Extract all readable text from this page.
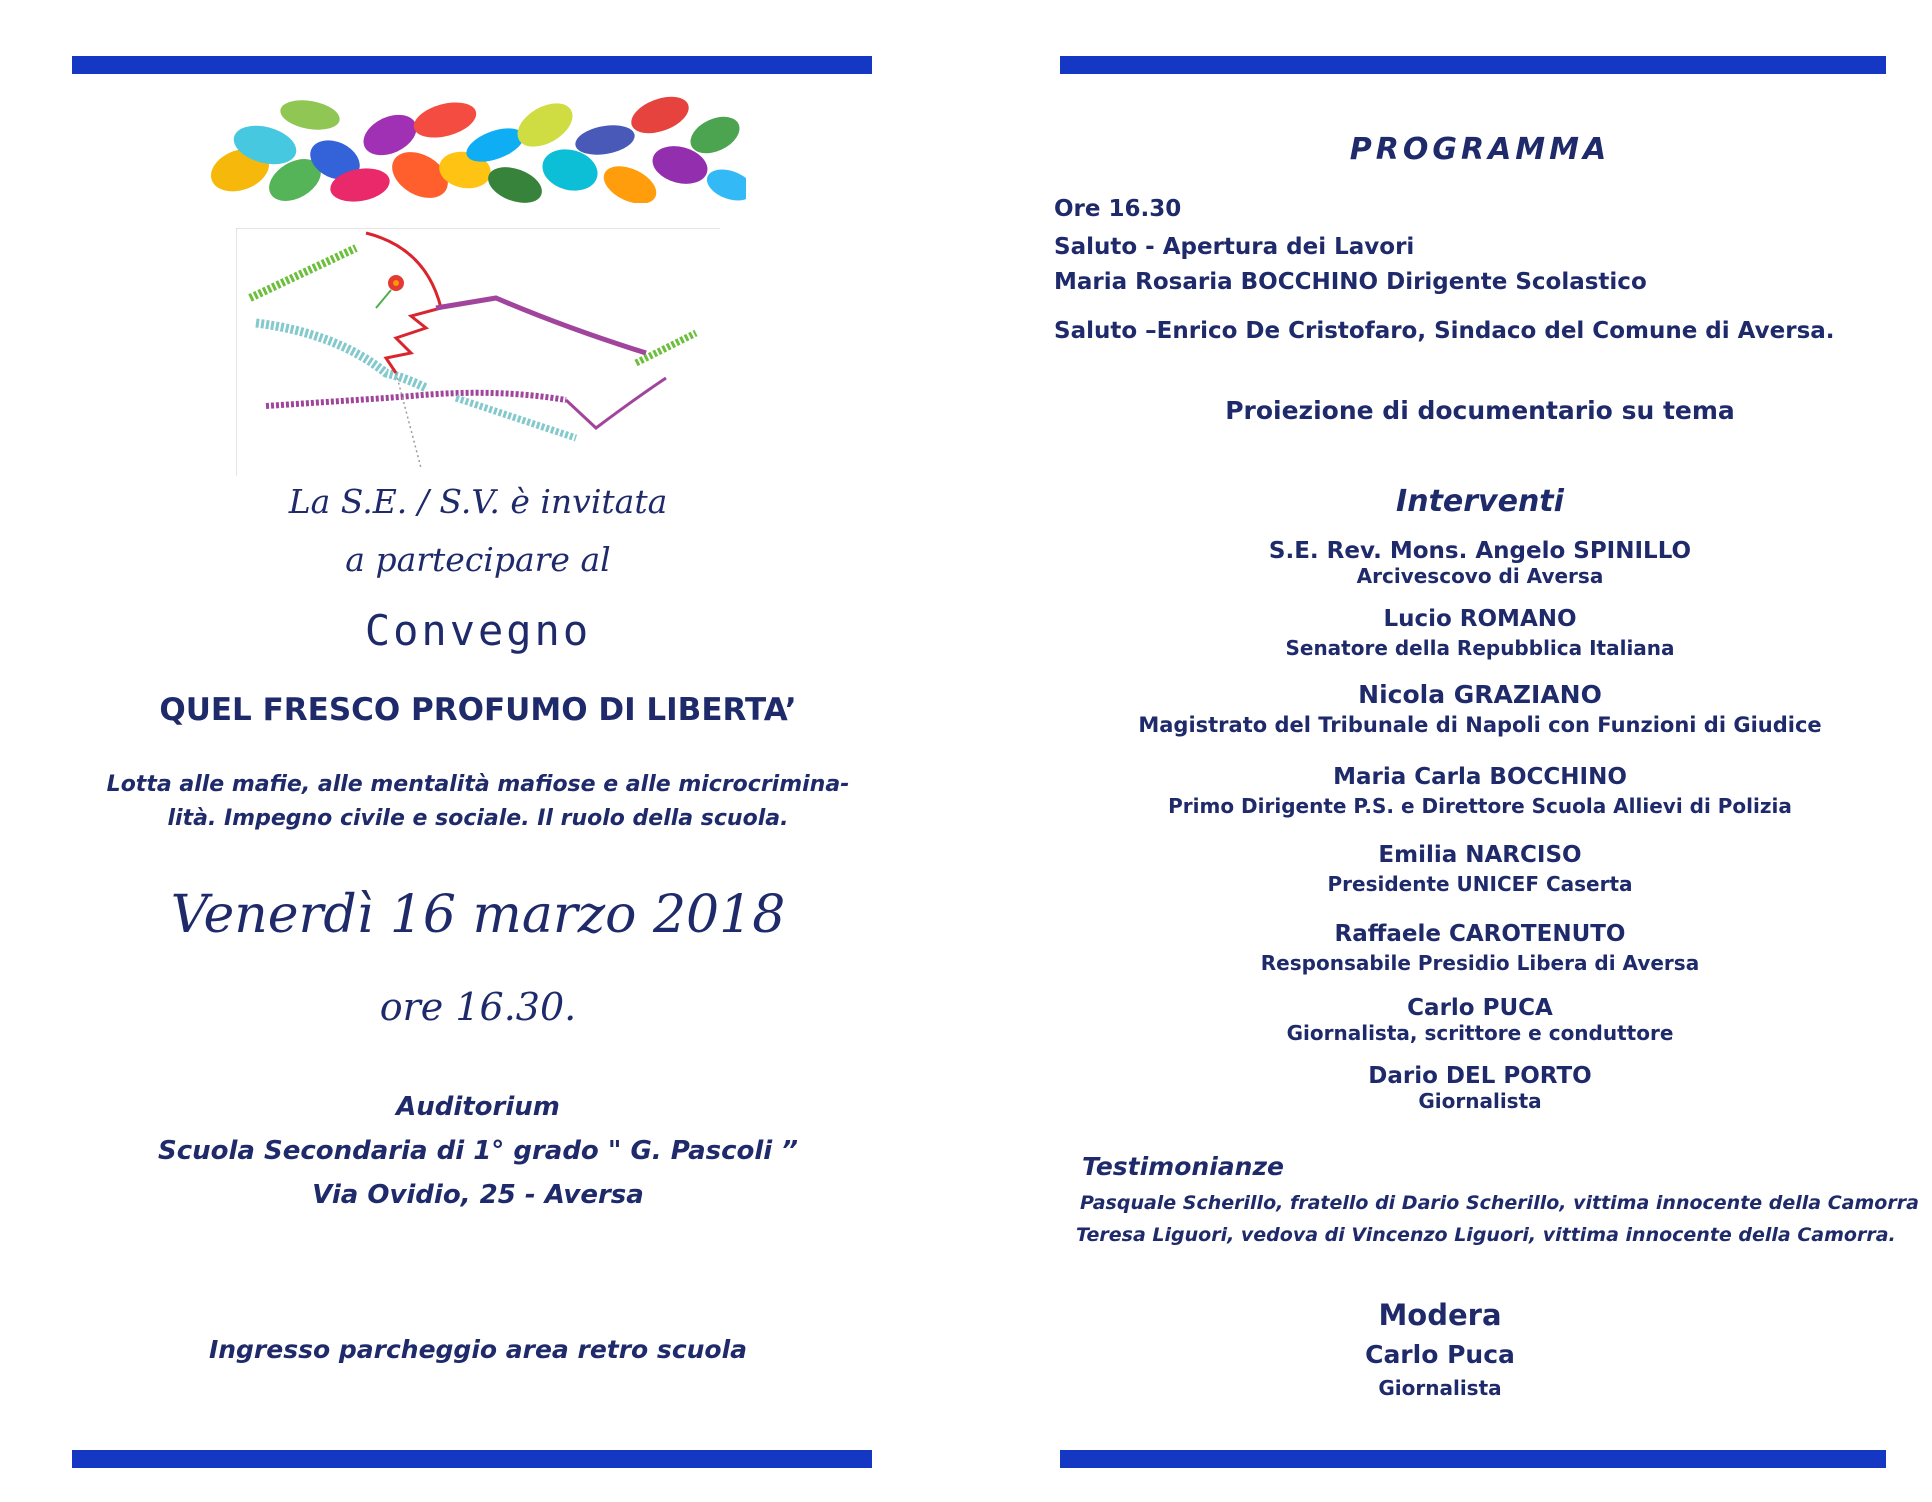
La S.E. / S.V. è invitata
a partecipare al
Convegno
QUEL FRESCO PROFUMO DI LIBERTA’
Lotta alle mafie, alle mentalità mafiose e alle microcrimina-
lità. Impegno civile e sociale. Il ruolo della scuola.
Venerdì 16 marzo 2018
ore 16.30.
Auditorium
Scuola Secondaria di 1° grado " G. Pascoli ”
Via Ovidio, 25 - Aversa
Ingresso parcheggio area retro scuola
PROGRAMMA
Ore 16.30
Saluto - Apertura dei Lavori
Maria Rosaria BOCCHINO Dirigente Scolastico
Saluto –Enrico De Cristofaro, Sindaco del Comune di Aversa.
Proiezione di documentario su tema
Interventi
S.E. Rev. Mons. Angelo SPINILLO
Arcivescovo di Aversa
Lucio ROMANO
Senatore della Repubblica Italiana
Nicola GRAZIANO
Magistrato del Tribunale di Napoli con Funzioni di Giudice
Maria Carla BOCCHINO
Primo Dirigente P.S. e Direttore Scuola Allievi di Polizia
Emilia NARCISO
Presidente UNICEF Caserta
Raffaele CAROTENUTO
Responsabile Presidio Libera di Aversa
Carlo PUCA
Giornalista, scrittore e conduttore
Dario DEL PORTO
Giornalista
Testimonianze
Pasquale Scherillo, fratello di Dario Scherillo, vittima innocente della Camorra
Teresa Liguori, vedova di Vincenzo Liguori, vittima innocente della Camorra.
Modera
Carlo Puca
Giornalista
